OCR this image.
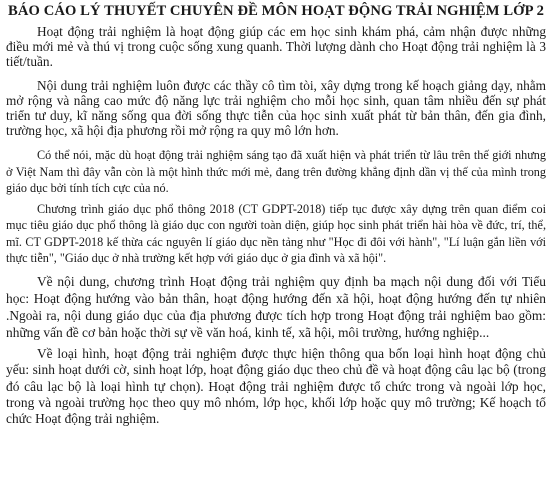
BÁO CÁO LÝ THUYẾT CHUYÊN ĐỀ MÔN HOẠT ĐỘNG TRẢI NGHIỆM LỚP 2

Hoạt động trải nghiệm là hoạt động giúp các em học sinh khám phá, cảm nhận được những điều mới mẻ và thú vị trong cuộc sống xung quanh. Thời lượng dành cho Hoạt động trải nghiệm là 3 tiết/tuần.

Nội dung trải nghiệm luôn được các thầy cô tìm tòi, xây dựng trong kế hoạch giảng dạy, nhằm mở rộng và nâng cao mức độ năng lực trải nghiệm cho mỗi học sinh, quan tâm nhiều đến sự phát triển tư duy, kĩ năng sống qua đời sống thực tiễn của học sinh xuất phát từ bản thân, đến gia đình, trường học, xã hội địa phương rồi mở rộng ra quy mô lớn hơn.

Có thể nói, mặc dù hoạt động trải nghiệm sáng tạo đã xuất hiện và phát triển từ lâu trên thế giới nhưng ở Việt Nam thì đây vẫn còn là một hình thức mới mẻ, đang trên đường khẳng định dần vị thế của mình trong giáo dục bởi tính tích cực của nó.

Chương trình giáo dục phổ thông 2018 (CT GDPT-2018) tiếp tục được xây dựng trên quan điểm coi mục tiêu giáo dục phổ thông là giáo dục con người toàn diện, giúp học sinh phát triển hài hòa về đức, trí, thể, mĩ. CT GDPT-2018 kế thừa các nguyên lí giáo dục nền tảng như "Học đi đôi với hành", "Lí luận gắn liền với thực tiễn", "Giáo dục ở nhà trường kết hợp với giáo dục ở gia đình và xã hội".

Về nội dung, chương trình Hoạt động trải nghiệm quy định ba mạch nội dung đối với Tiểu học: Hoạt động hướng vào bản thân, hoạt động hướng đến xã hội, hoạt động hướng đến tự nhiên .Ngoài ra, nội dung giáo dục của địa phương được tích hợp trong Hoạt động trải nghiệm bao gồm: những vấn đề cơ bản hoặc thời sự về văn hoá, kinh tế, xã hội, môi trường, hướng nghiệp...

Về loại hình, hoạt động trải nghiệm được thực hiện thông qua bốn loại hình hoạt động chủ yếu: sinh hoạt dưới cờ, sinh hoạt lớp, hoạt động giáo dục theo chủ đề và hoạt động câu lạc bộ (trong đó câu lạc bộ là loại hình tự chọn). Hoạt động trải nghiệm được tổ chức trong và ngoài lớp học, trong và ngoài trường học theo quy mô nhóm, lớp học, khối lớp hoặc quy mô trường; Kế hoạch tổ chức Hoạt động trải nghiệm.
